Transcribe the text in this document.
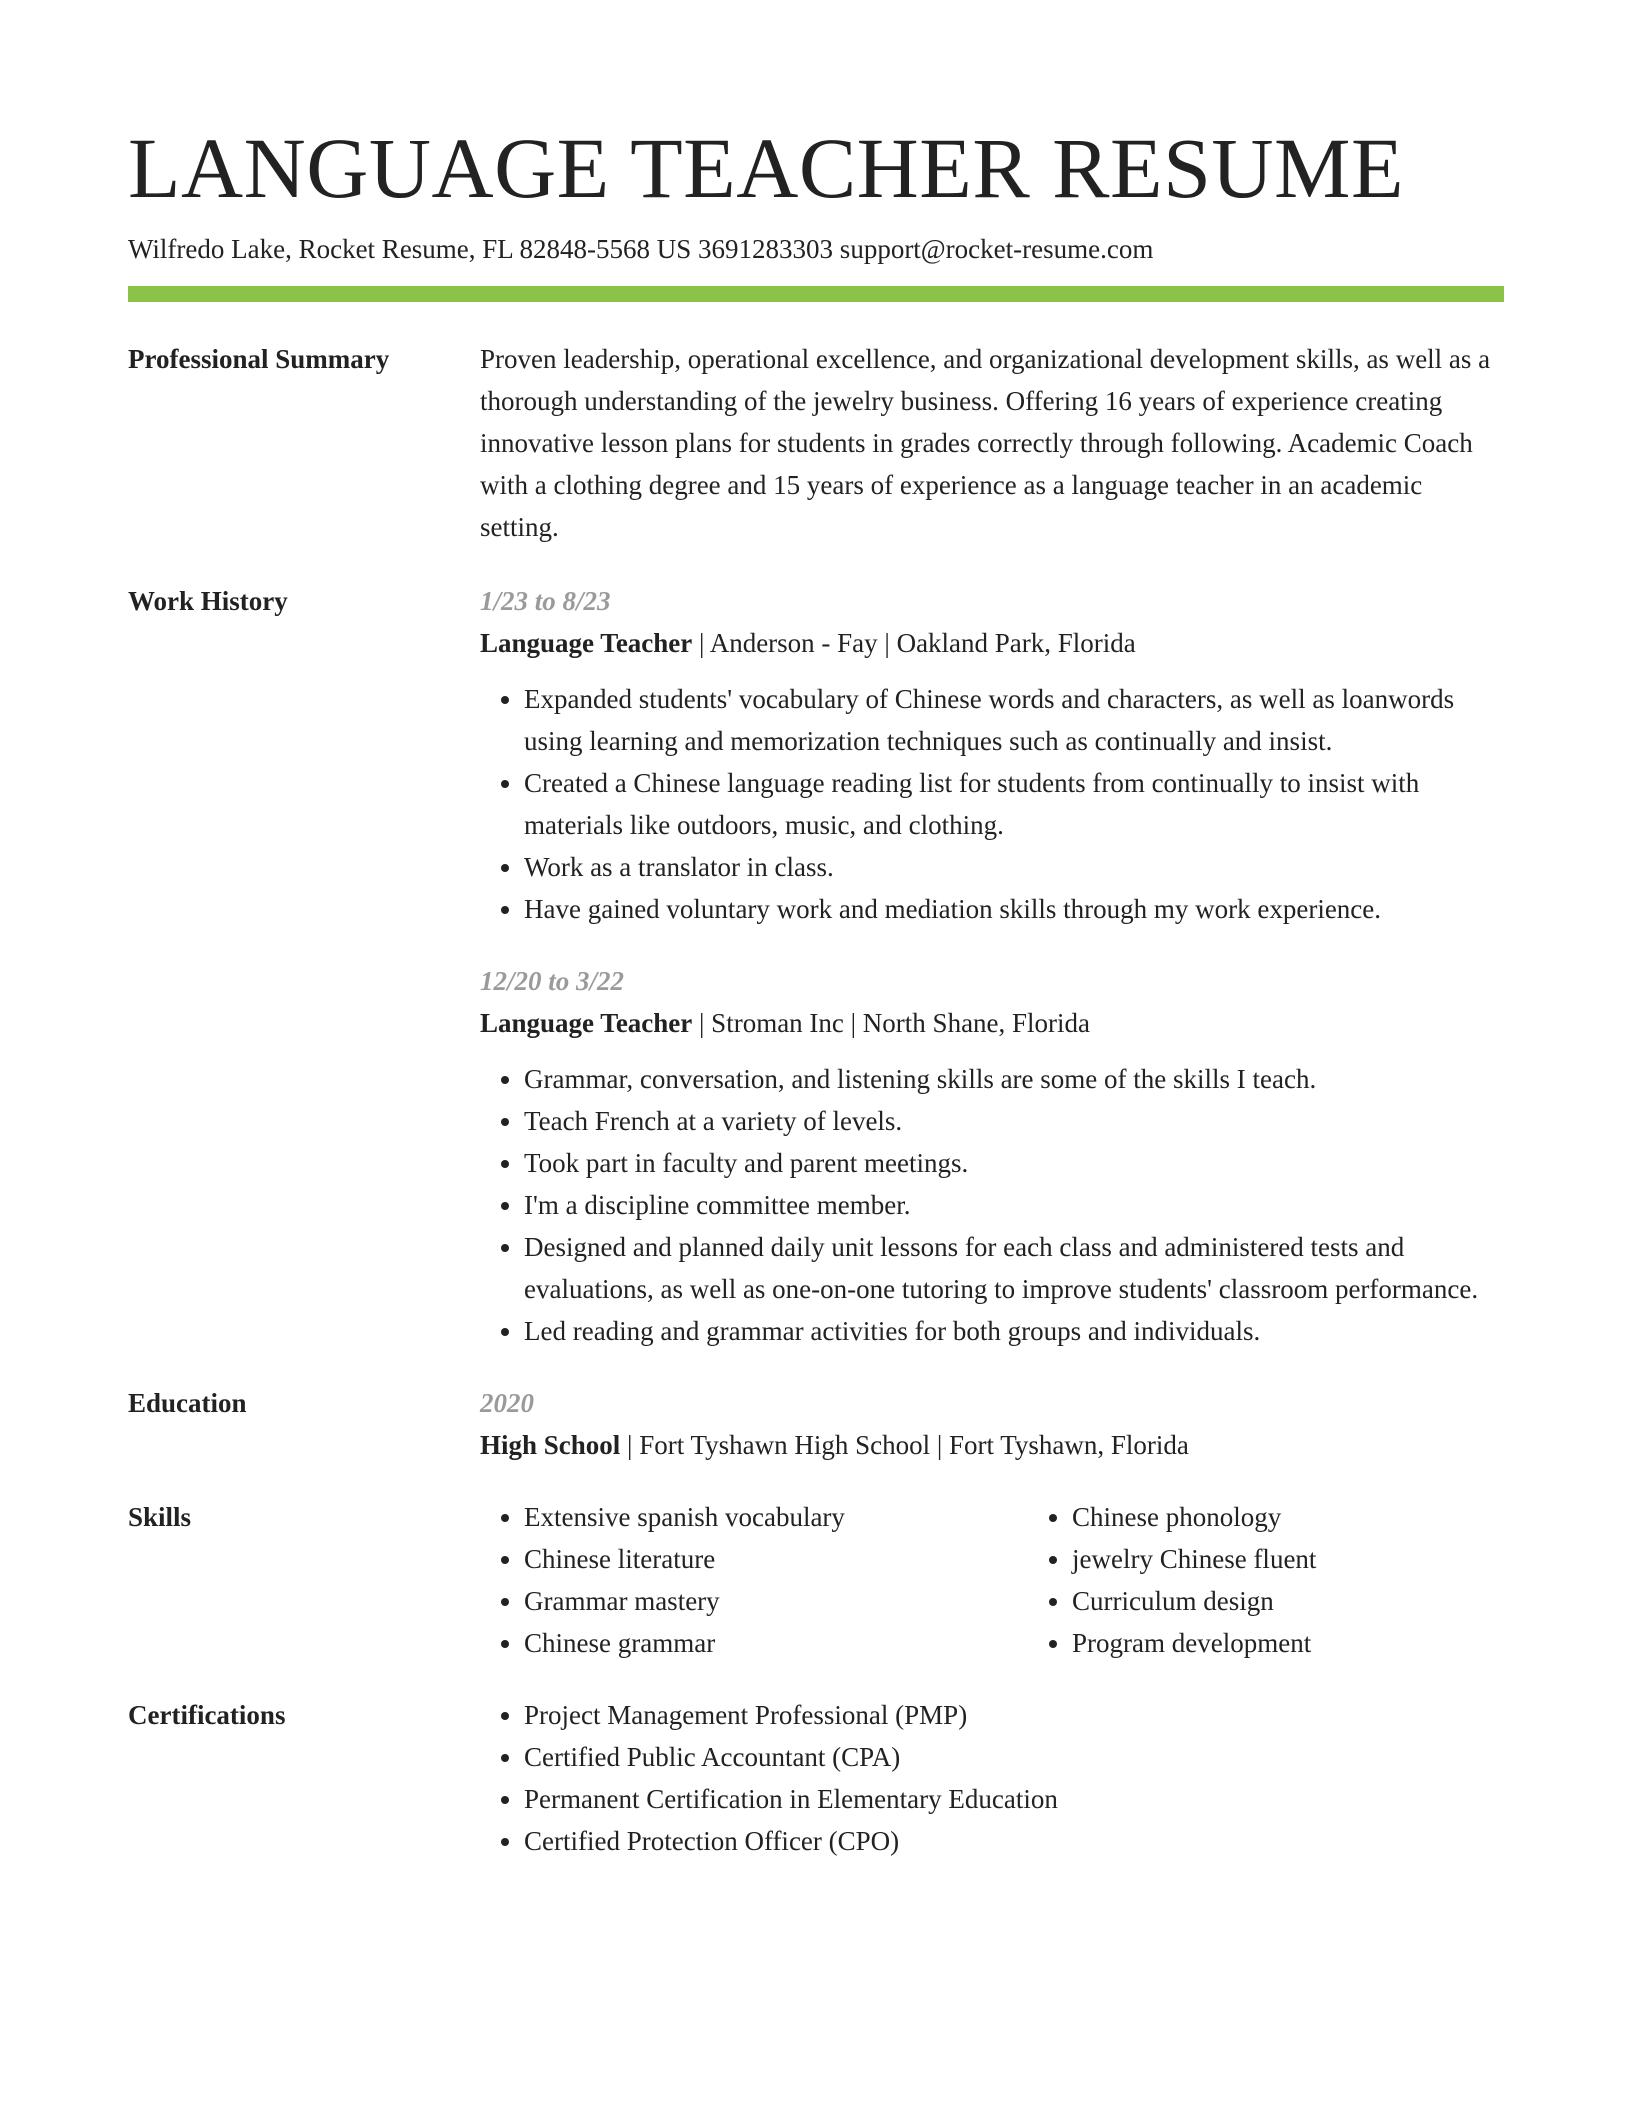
LANGUAGE TEACHER RESUME
Wilfredo Lake, Rocket Resume, FL 82848-5568 US 3691283303 support@rocket-resume.com
Professional Summary	Proven leadership, operational excellence, and organizational development skills, as well as a thorough understanding of the jewelry business. Offering 16 years of experience creating innovative lesson plans for students in grades correctly through following. Academic Coach with a clothing degree and 15 years of experience as a language teacher in an academic setting.
Work History	1/23 to 8/23
Language Teacher | Anderson - Fay | Oakland Park, Florida
• Expanded students' vocabulary of Chinese words and characters, as well as loanwords using learning and memorization techniques such as continually and insist.
• Created a Chinese language reading list for students from continually to insist with materials like outdoors, music, and clothing.
• Work as a translator in class.
• Have gained voluntary work and mediation skills through my work experience.
12/20 to 3/22
Language Teacher | Stroman Inc | North Shane, Florida
• Grammar, conversation, and listening skills are some of the skills I teach.
• Teach French at a variety of levels.
• Took part in faculty and parent meetings.
• I'm a discipline committee member.
• Designed and planned daily unit lessons for each class and administered tests and evaluations, as well as one-on-one tutoring to improve students' classroom performance.
• Led reading and grammar activities for both groups and individuals.
Education	2020
High School | Fort Tyshawn High School | Fort Tyshawn, Florida
Skills	• Extensive spanish vocabulary
• Chinese literature
• Grammar mastery
• Chinese grammar
• Chinese phonology
• jewelry Chinese fluent
• Curriculum design
• Program development
Certifications	• Project Management Professional (PMP)
• Certified Public Accountant (CPA)
• Permanent Certification in Elementary Education
• Certified Protection Officer (CPO)
